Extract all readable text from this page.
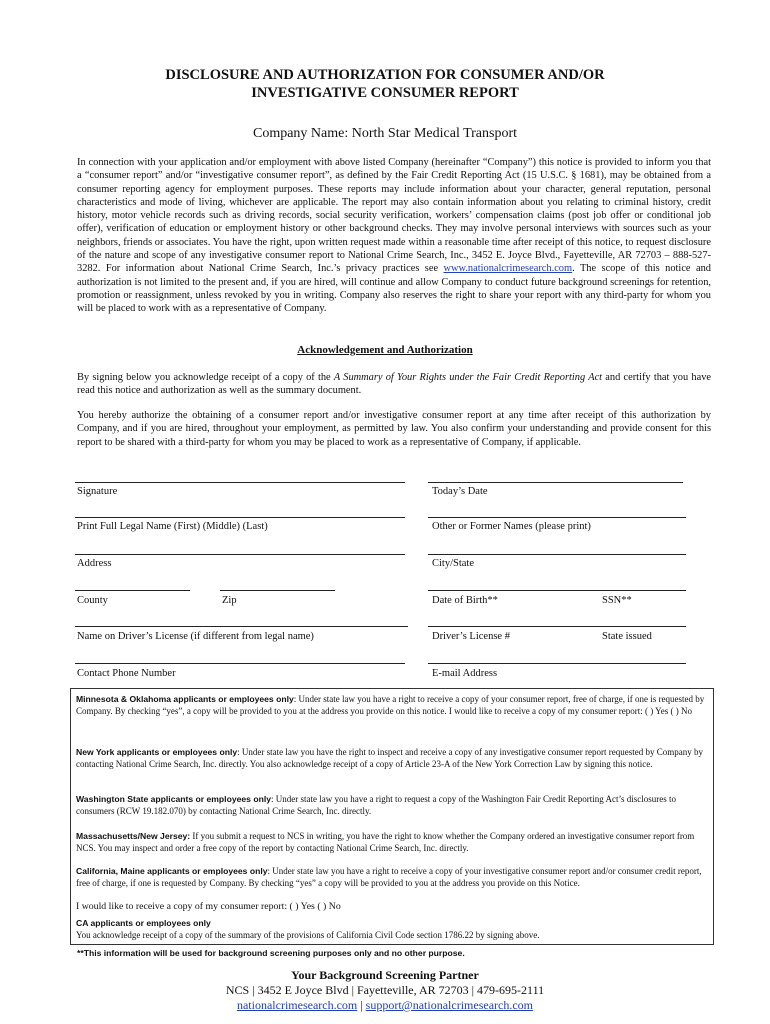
DISCLOSURE AND AUTHORIZATION FOR CONSUMER AND/OR
INVESTIGATIVE CONSUMER REPORT
Company Name: North Star Medical Transport
In connection with your application and/or employment with above listed Company (hereinafter “Company”) this notice is provided to inform you that a “consumer report” and/or “investigative consumer report”, as defined by the Fair Credit Reporting Act (15 U.S.C. § 1681), may be obtained from a consumer reporting agency for employment purposes. These reports may include information about your character, general reputation, personal characteristics and mode of living, whichever are applicable. The report may also contain information about you relating to criminal history, credit history, motor vehicle records such as driving records, social security verification, workers’ compensation claims (post job offer or conditional job offer), verification of education or employment history or other background checks. They may involve personal interviews with sources such as your neighbors, friends or associates. You have the right, upon written request made within a reasonable time after receipt of this notice, to request disclosure of the nature and scope of any investigative consumer report to National Crime Search, Inc., 3452 E. Joyce Blvd., Fayetteville, AR 72703 – 888-527-3282. For information about National Crime Search, Inc.’s privacy practices see www.nationalcrimesearch.com. The scope of this notice and authorization is not limited to the present and, if you are hired, will continue and allow Company to conduct future background screenings for retention, promotion or reassignment, unless revoked by you in writing. Company also reserves the right to share your report with any third-party for whom you will be placed to work with as a representative of Company.
Acknowledgement and Authorization
By signing below you acknowledge receipt of a copy of the A Summary of Your Rights under the Fair Credit Reporting Act and certify that you have read this notice and authorization as well as the summary document.
You hereby authorize the obtaining of a consumer report and/or investigative consumer report at any time after receipt of this authorization by Company, and if you are hired, throughout your employment, as permitted by law. You also confirm your understanding and provide consent for this report to be shared with a third-party for whom you may be placed to work as a representative of Company, if applicable.
Signature	Today’s Date
Print Full Legal Name (First) (Middle) (Last)	Other or Former Names (please print)
Address	City/State
County	Zip	Date of Birth**	SSN**
Name on Driver’s License (if different from legal name)	Driver’s License #	State issued
Contact Phone Number	E-mail Address
Minnesota & Oklahoma applicants or employees only: Under state law you have a right to receive a copy of your consumer report, free of charge, if one is requested by Company. By checking “yes”, a copy will be provided to you at the address you provide on this notice. I would like to receive a copy of my consumer report: ( ) Yes ( ) No
New York applicants or employees only: Under state law you have the right to inspect and receive a copy of any investigative consumer report requested by Company by contacting National Crime Search, Inc. directly. You also acknowledge receipt of a copy of Article 23-A of the New York Correction Law by signing this notice.
Washington State applicants or employees only: Under state law you have a right to request a copy of the Washington Fair Credit Reporting Act’s disclosures to consumers (RCW 19.182.070) by contacting National Crime Search, Inc. directly.
Massachusetts/New Jersey: If you submit a request to NCS in writing, you have the right to know whether the Company ordered an investigative consumer report from NCS. You may inspect and order a free copy of the report by contacting National Crime Search, Inc. directly.
California, Maine applicants or employees only: Under state law you have a right to receive a copy of your investigative consumer report and/or consumer credit report, free of charge, if one is requested by Company. By checking “yes” a copy will be provided to you at the address you provide on this Notice.
I would like to receive a copy of my consumer report: ( ) Yes ( ) No
CA applicants or employees only
You acknowledge receipt of a copy of the summary of the provisions of California Civil Code section 1786.22 by signing above.
**This information will be used for background screening purposes only and no other purpose.
Your Background Screening Partner
NCS | 3452 E Joyce Blvd | Fayetteville, AR 72703 | 479-695-2111
nationalcrimesearch.com | support@nationalcrimesearch.com
